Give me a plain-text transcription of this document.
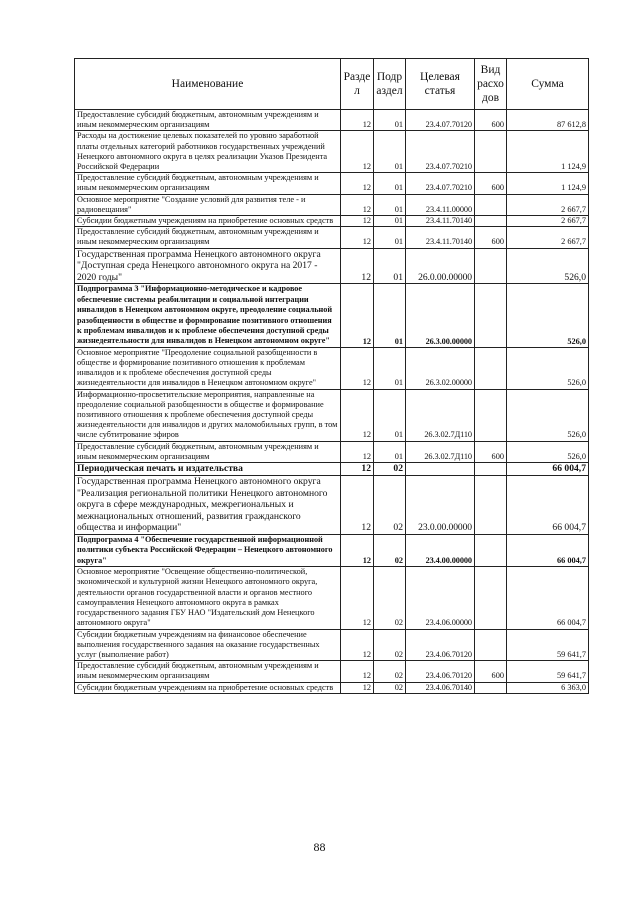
Наименование	Разде л	Подр аздел	Целевая статья	Вид расхо дов	Сумма
Предоставление субсидий бюджетным, автономным учреждениям и иным некоммерческим организациям	12	01	23.4.07.70120	600	87 612,8
Расходы на достижение целевых показателей по уровню заработной платы отдельных категорий работников государственных учреждений Ненецкого автономного округа в целях реализации Указов Президента Российской Федерации	12	01	23.4.07.70210		1 124,9
Предоставление субсидий бюджетным, автономным учреждениям и иным некоммерческим организациям	12	01	23.4.07.70210	600	1 124,9
Основное мероприятие "Создание условий для развития теле - и радиовещания"	12	01	23.4.11.00000		2 667,7
Субсидии бюджетным учреждениям на приобретение основных средств	12	01	23.4.11.70140		2 667,7
Предоставление субсидий бюджетным, автономным учреждениям и иным некоммерческим организациям	12	01	23.4.11.70140	600	2 667,7
Государственная программа Ненецкого автономного округа "Доступная среда Ненецкого автономного округа на 2017 - 2020 годы"	12	01	26.0.00.00000		526,0
Подпрограмма 3 "Информационно-методическое и кадровое обеспечение системы реабилитации и социальной интеграции инвалидов в Ненецком автономном округе, преодоление социальной разобщенности в обществе и формирование позитивного отношения к проблемам инвалидов и к проблеме обеспечения доступной среды жизнедеятельности для инвалидов в Ненецком автономном округе"	12	01	26.3.00.00000		526,0
Основное мероприятие "Преодоление социальной разобщенности в обществе и формирование позитивного отношения к проблемам инвалидов и к проблеме обеспечения доступной среды жизнедеятельности для инвалидов в Ненецком автономном округе"	12	01	26.3.02.00000		526,0
Информационно-просветительские мероприятия, направленные на преодоление социальной разобщенности в обществе и формирование позитивного отношения к проблеме обеспечения доступной среды жизнедеятельности для инвалидов и других маломобильных групп, в том числе субтитрование эфиров	12	01	26.3.02.7Д110		526,0
Предоставление субсидий бюджетным, автономным учреждениям и иным некоммерческим организациям	12	01	26.3.02.7Д110	600	526,0
Периодическая печать и издательства	12	02			66 004,7
Государственная программа Ненецкого автономного округа "Реализация региональной политики Ненецкого автономного округа в сфере международных, межрегиональных и межнациональных отношений, развития гражданского общества и информации"	12	02	23.0.00.00000		66 004,7
Подпрограмма 4 "Обеспечение государственной информационной политики субъекта Российской Федерации – Ненецкого автономного округа"	12	02	23.4.00.00000		66 004,7
Основное мероприятие "Освещение общественно-политической, экономической и культурной жизни Ненецкого автономного округа, деятельности органов государственной власти и органов местного самоуправления Ненецкого автономного округа в рамках государственного задания ГБУ НАО "Издательский дом Ненецкого автономного округа"	12	02	23.4.06.00000		66 004,7
Субсидии бюджетным учреждениям на финансовое обеспечение выполнения государственного задания на оказание государственных услуг (выполнение работ)	12	02	23.4.06.70120		59 641,7
Предоставление субсидий бюджетным, автономным учреждениям и иным некоммерческим организациям	12	02	23.4.06.70120	600	59 641,7
Субсидии бюджетным учреждениям на приобретение основных средств	12	02	23.4.06.70140		6 363,0
88
